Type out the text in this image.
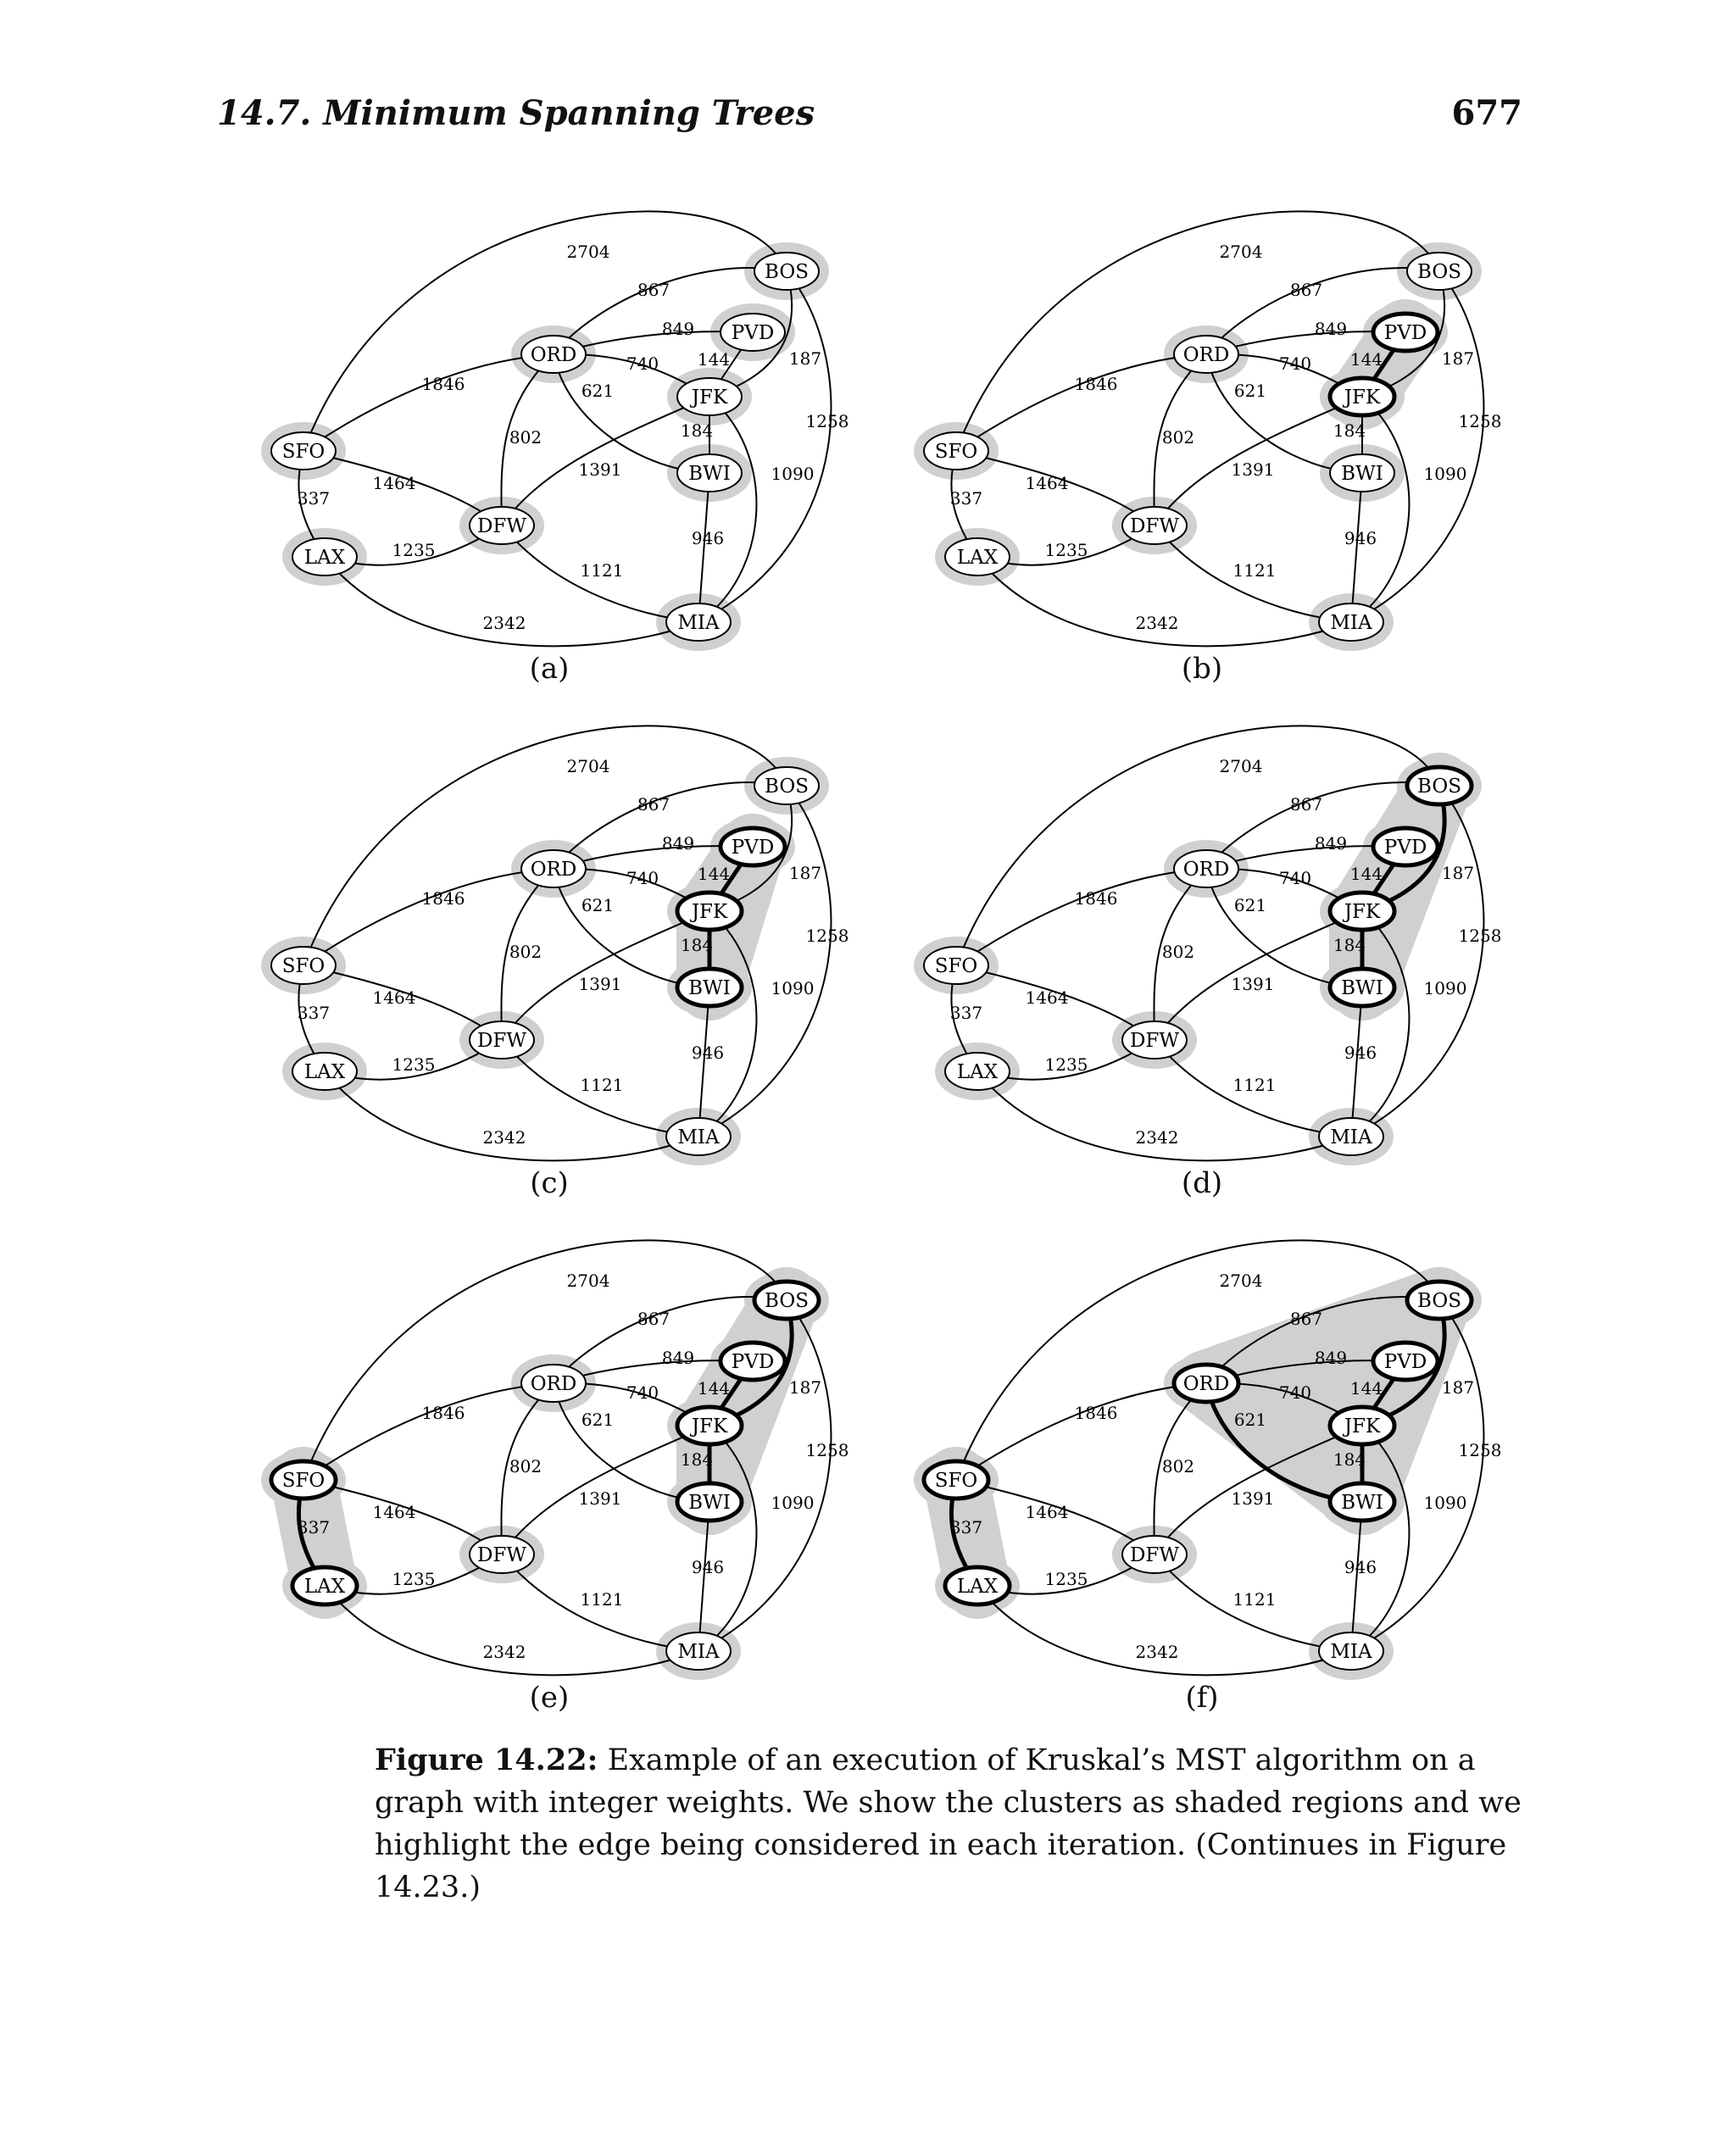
14.7. Minimum Spanning Trees	677
2704
867
849
740 144	187
1846	621
184	1258
802
1391	1090
1464
337
946
1235
1121
2342
BOS
PVD
ORD
JFK
SFO
BWI
DFW
LAX
MIA
(a)
2704
867
849
740 144	187
1846	621
184	1258
802
1391	1090
1464
337
946
1235
1121
2342
BOS
PVD
ORD
JFK
SFO
BWI
DFW
LAX
MIA
(b)
2704
867
849
740 144	187
1846	621
184	1258
802
1391	1090
1464
337
946
1235
1121
2342
BOS
PVD
ORD
JFK
SFO
BWI
DFW
LAX
MIA
(c)
2704
867
849
740 144	187
1846	621
184	1258
802
1391	1090
1464
337
946
1235
1121
2342
BOS
PVD
ORD
JFK
SFO
BWI
DFW
LAX
MIA
(d)
2704
867
849
740 144	187
1846	621
184	1258
802
1391	1090
1464
337
946
1235
1121
2342
BOS
PVD
ORD
JFK
SFO
BWI
DFW
LAX
MIA
(e)
2704
867
849
740 144	187
1846	621
184	1258
802
1391	1090
1464
337
946
1235
1121
2342
BOS
PVD
ORD
JFK
SFO
BWI
DFW
LAX
MIA
(f)
Figure 14.22: Example of an execution of Kruskal’s MST algorithm on a graph with integer weights. We show the clusters as shaded regions and we highlight the edge being considered in each iteration. (Continues in Figure 14.23.)
